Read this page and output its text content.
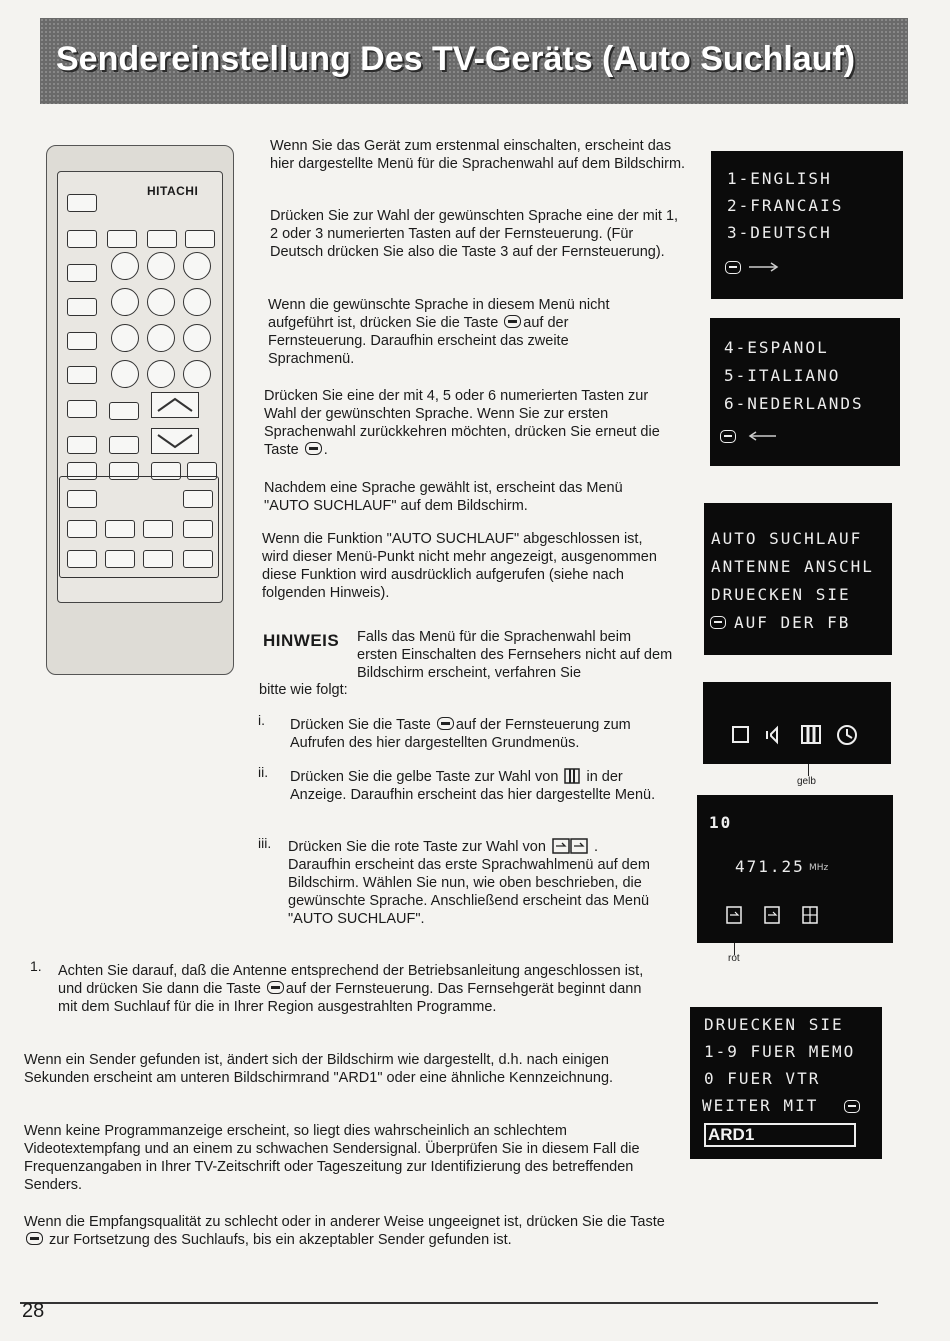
Sendereinstellung Des TV-Geräts (Auto Suchlauf)
HITACHI

Wenn Sie das Gerät zum erstenmal einschalten, erscheint das hier dargestellte Menü für die Sprachenwahl auf dem Bildschirm.

Drücken Sie zur Wahl der gewünschten Sprache eine der mit 1, 2 oder 3 numerierten Tasten auf der Fernsteuerung. (Für Deutsch drücken Sie also die Taste 3 auf der Fernsteuerung).

Wenn die gewünschte Sprache in diesem Menü nicht aufgeführt ist, drücken Sie die Taste auf der Fernsteuerung. Daraufhin erscheint das zweite Sprachmenü.

Drücken Sie eine der mit 4, 5 oder 6 numerierten Tasten zur Wahl der gewünschten Sprache. Wenn Sie zur ersten Sprachenwahl zurückkehren möchten, drücken Sie erneut die Taste .

Nachdem eine Sprache gewählt ist, erscheint das Menü "AUTO SUCHLAUF" auf dem Bildschirm.

Wenn die Funktion "AUTO SUCHLAUF" abgeschlossen ist, wird dieser Menü-Punkt nicht mehr angezeigt, ausgenommen diese Funktion wird ausdrücklich aufgerufen (siehe nach folgenden Hinweis).

HINWEIS Falls das Menü für die Sprachenwahl beim ersten Einschalten des Fernsehers nicht auf dem Bildschirm erscheint, verfahren Sie

bitte wie folgt:

i. Drücken Sie die Taste auf der Fernsteuerung zum Aufrufen des hier dargestellten Grundmenüs.

ii. Drücken Sie die gelbe Taste zur Wahl von in der Anzeige. Daraufhin erscheint das hier dargestellte Menü.

iii. Drücken Sie die rote Taste zur Wahl von	. Daraufhin erscheint das erste Sprachwahlmenü auf dem Bildschirm. Wählen Sie nun, wie oben beschrieben, die gewünschte Sprache. Anschließend erscheint das Menü "AUTO SUCHLAUF".

1. Achten Sie darauf, daß die Antenne entsprechend der Betriebsanleitung angeschlossen ist, und drücken Sie dann die Taste auf der Fernsteuerung. Das Fernsehgerät beginnt dann mit dem Suchlauf für die in Ihrer Region ausgestrahlten Programme.

Wenn ein Sender gefunden ist, ändert sich der Bildschirm wie dargestellt, d.h. nach einigen Sekunden erscheint am unteren Bildschirmrand "ARD1" oder eine ähnliche Kennzeichnung.

Wenn keine Programmanzeige erscheint, so liegt dies wahrscheinlich an schlechtem Videotextempfang und an einem zu schwachen Sendersignal. Überprüfen Sie in diesem Fall die Frequenzangaben in Ihrer TV-Zeitschrift oder Tageszeitung zur Identifizierung des betreffenden Senders.

Wenn die Empfangsqualität zu schlecht oder in anderer Weise ungeeignet ist, drücken Sie die Taste  zur Fortsetzung des Suchlaufs, bis ein akzeptabler Sender gefunden ist.

1-ENGLISH

2-FRANCAIS

3-DEUTSCH

4-ESPANOL

5-ITALIANO

6-NEDERLANDS

AUTO SUCHLAUF

ANTENNE ANSCHL

DRUECKEN SIE

AUF DER FB

gelb

10

471.25 MHz
rot

DRUECKEN SIE

1-9 FUER MEMO

0 FUER VTR

WEITER MIT

ARD1

28
